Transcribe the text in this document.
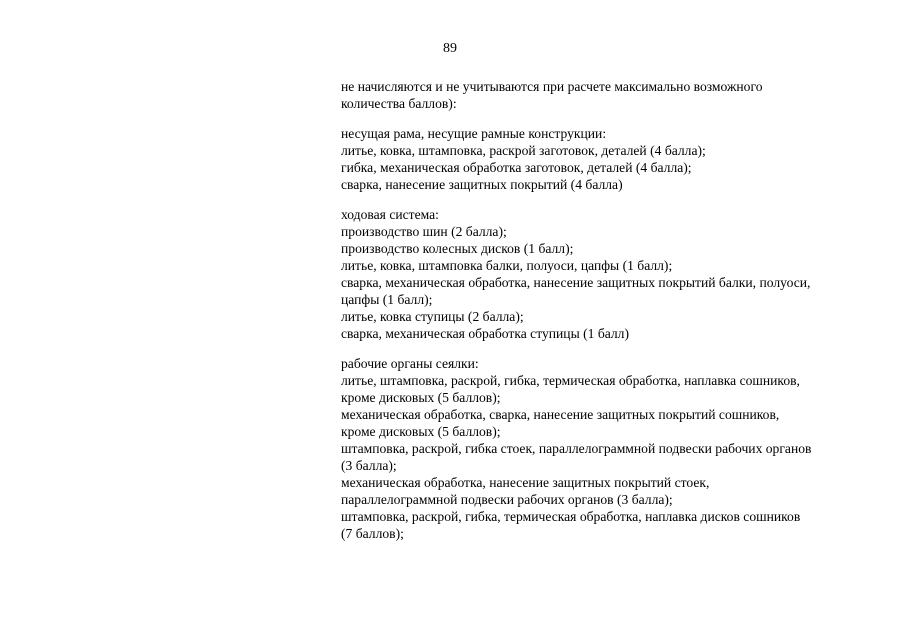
89
не начисляются и не учитываются при расчете максимально возможного
количества баллов):
несущая рама, несущие рамные конструкции:
литье, ковка, штамповка, раскрой заготовок, деталей (4 балла);
гибка, механическая обработка заготовок, деталей (4 балла);
сварка, нанесение защитных покрытий (4 балла)
ходовая система:
производство шин (2 балла);
производство колесных дисков (1 балл);
литье, ковка, штамповка балки, полуоси, цапфы (1 балл);
сварка, механическая обработка, нанесение защитных покрытий балки, полуоси,
цапфы (1 балл);
литье, ковка ступицы (2 балла);
сварка, механическая обработка ступицы (1 балл)
рабочие органы сеялки:
литье, штамповка, раскрой, гибка, термическая обработка, наплавка сошников,
кроме дисковых (5 баллов);
механическая обработка, сварка, нанесение защитных покрытий сошников,
кроме дисковых (5 баллов);
штамповка, раскрой, гибка стоек, параллелограммной подвески рабочих органов
(3 балла);
механическая обработка, нанесение защитных покрытий стоек,
параллелограммной подвески рабочих органов (3 балла);
штамповка, раскрой, гибка, термическая обработка, наплавка дисков сошников
(7 баллов);
